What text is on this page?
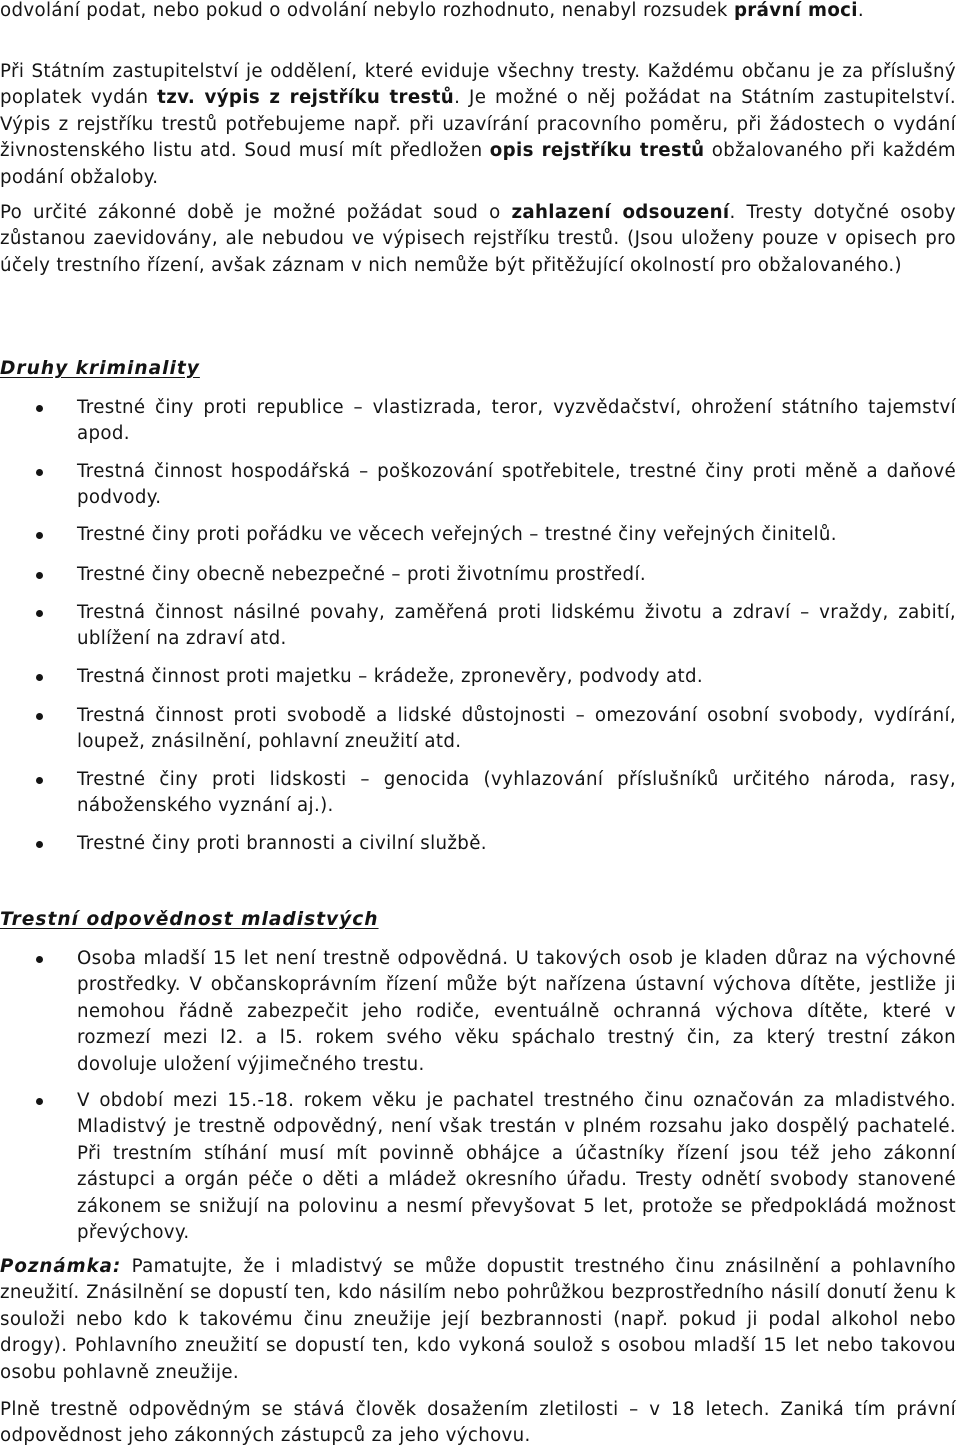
odvolání podat, nebo pokud o odvolání nebylo rozhodnuto, nenabyl rozsudek právní moci.

Při Státním zastupitelství je oddělení, které eviduje všechny tresty. Každému občanu je za příslušný poplatek vydán tzv. výpis z rejstříku trestů. Je možné o něj požádat na Státním zastupitelství. Výpis z rejstříku trestů potřebujeme např. při uzavírání pracovního poměru, při žádostech o vydání živnostenského listu atd. Soud musí mít předložen opis rejstříku trestů obžalovaného při každém podání obžaloby.

Po určité zákonné době je možné požádat soud o zahlazení odsouzení. Tresty dotyčné osoby zůstanou zaevidovány, ale nebudou ve výpisech rejstříku trestů. (Jsou uloženy pouze v opisech pro účely trestního řízení, avšak záznam v nich nemůže být přitěžující okolností pro obžalovaného.)

Druhy kriminality
Trestné činy proti republice – vlastizrada, teror, vyzvědačství, ohrožení státního tajemství apod.
Trestná činnost hospodářská – poškozování spotřebitele, trestné činy proti měně a daňové podvody.
Trestné činy proti pořádku ve věcech veřejných – trestné činy veřejných činitelů.
Trestné činy obecně nebezpečné – proti životnímu prostředí.
Trestná činnost násilné povahy, zaměřená proti lidskému životu a zdraví – vraždy, zabití, ublížení na zdraví atd.
Trestná činnost proti majetku – krádeže, zpronevěry, podvody atd.
Trestná činnost proti svobodě a lidské důstojnosti – omezování osobní svobody, vydírání, loupež, znásilnění, pohlavní zneužití atd.
Trestné činy proti lidskosti – genocida (vyhlazování příslušníků určitého národa, rasy, náboženského vyznání aj.).
Trestné činy proti brannosti a civilní službě.
Trestní odpovědnost mladistvých
Osoba mladší 15 let není trestně odpovědná. U takových osob je kladen důraz na výchovné prostředky. V občanskoprávním řízení může být nařízena ústavní výchova dítěte, jestliže ji nemohou řádně zabezpečit jeho rodiče, eventuálně ochranná výchova dítěte, které v rozmezí mezi l2. a l5. rokem svého věku spáchalo trestný čin, za který trestní zákon dovoluje uložení výjimečného trestu.
V období mezi 15.-18. rokem věku je pachatel trestného činu označován za mladistvého. Mladistvý je trestně odpovědný, není však trestán v plném rozsahu jako dospělý pachatelé. Při trestním stíhání musí mít povinně obhájce a účastníky řízení jsou též jeho zákonní zástupci a orgán péče o děti a mládež okresního úřadu. Tresty odnětí svobody stanovené zákonem se snižují na polovinu a nesmí převyšovat 5 let, protože se předpokládá možnost převýchovy.

Poznámka: Pamatujte, že i mladistvý se může dopustit trestného činu znásilnění a pohlavního zneužití. Znásilnění se dopustí ten, kdo násilím nebo pohrůžkou bezprostředního násilí donutí ženu k souloži nebo kdo k takovému činu zneužije její bezbrannosti (např. pokud ji podal alkohol nebo drogy). Pohlavního zneužití se dopustí ten, kdo vykoná soulož s osobou mladší 15 let nebo takovou osobu pohlavně zneužije.

Plně trestně odpovědným se stává člověk dosažením zletilosti – v 18 letech. Zaniká tím právní odpovědnost jeho zákonných zástupců za jeho výchovu.
